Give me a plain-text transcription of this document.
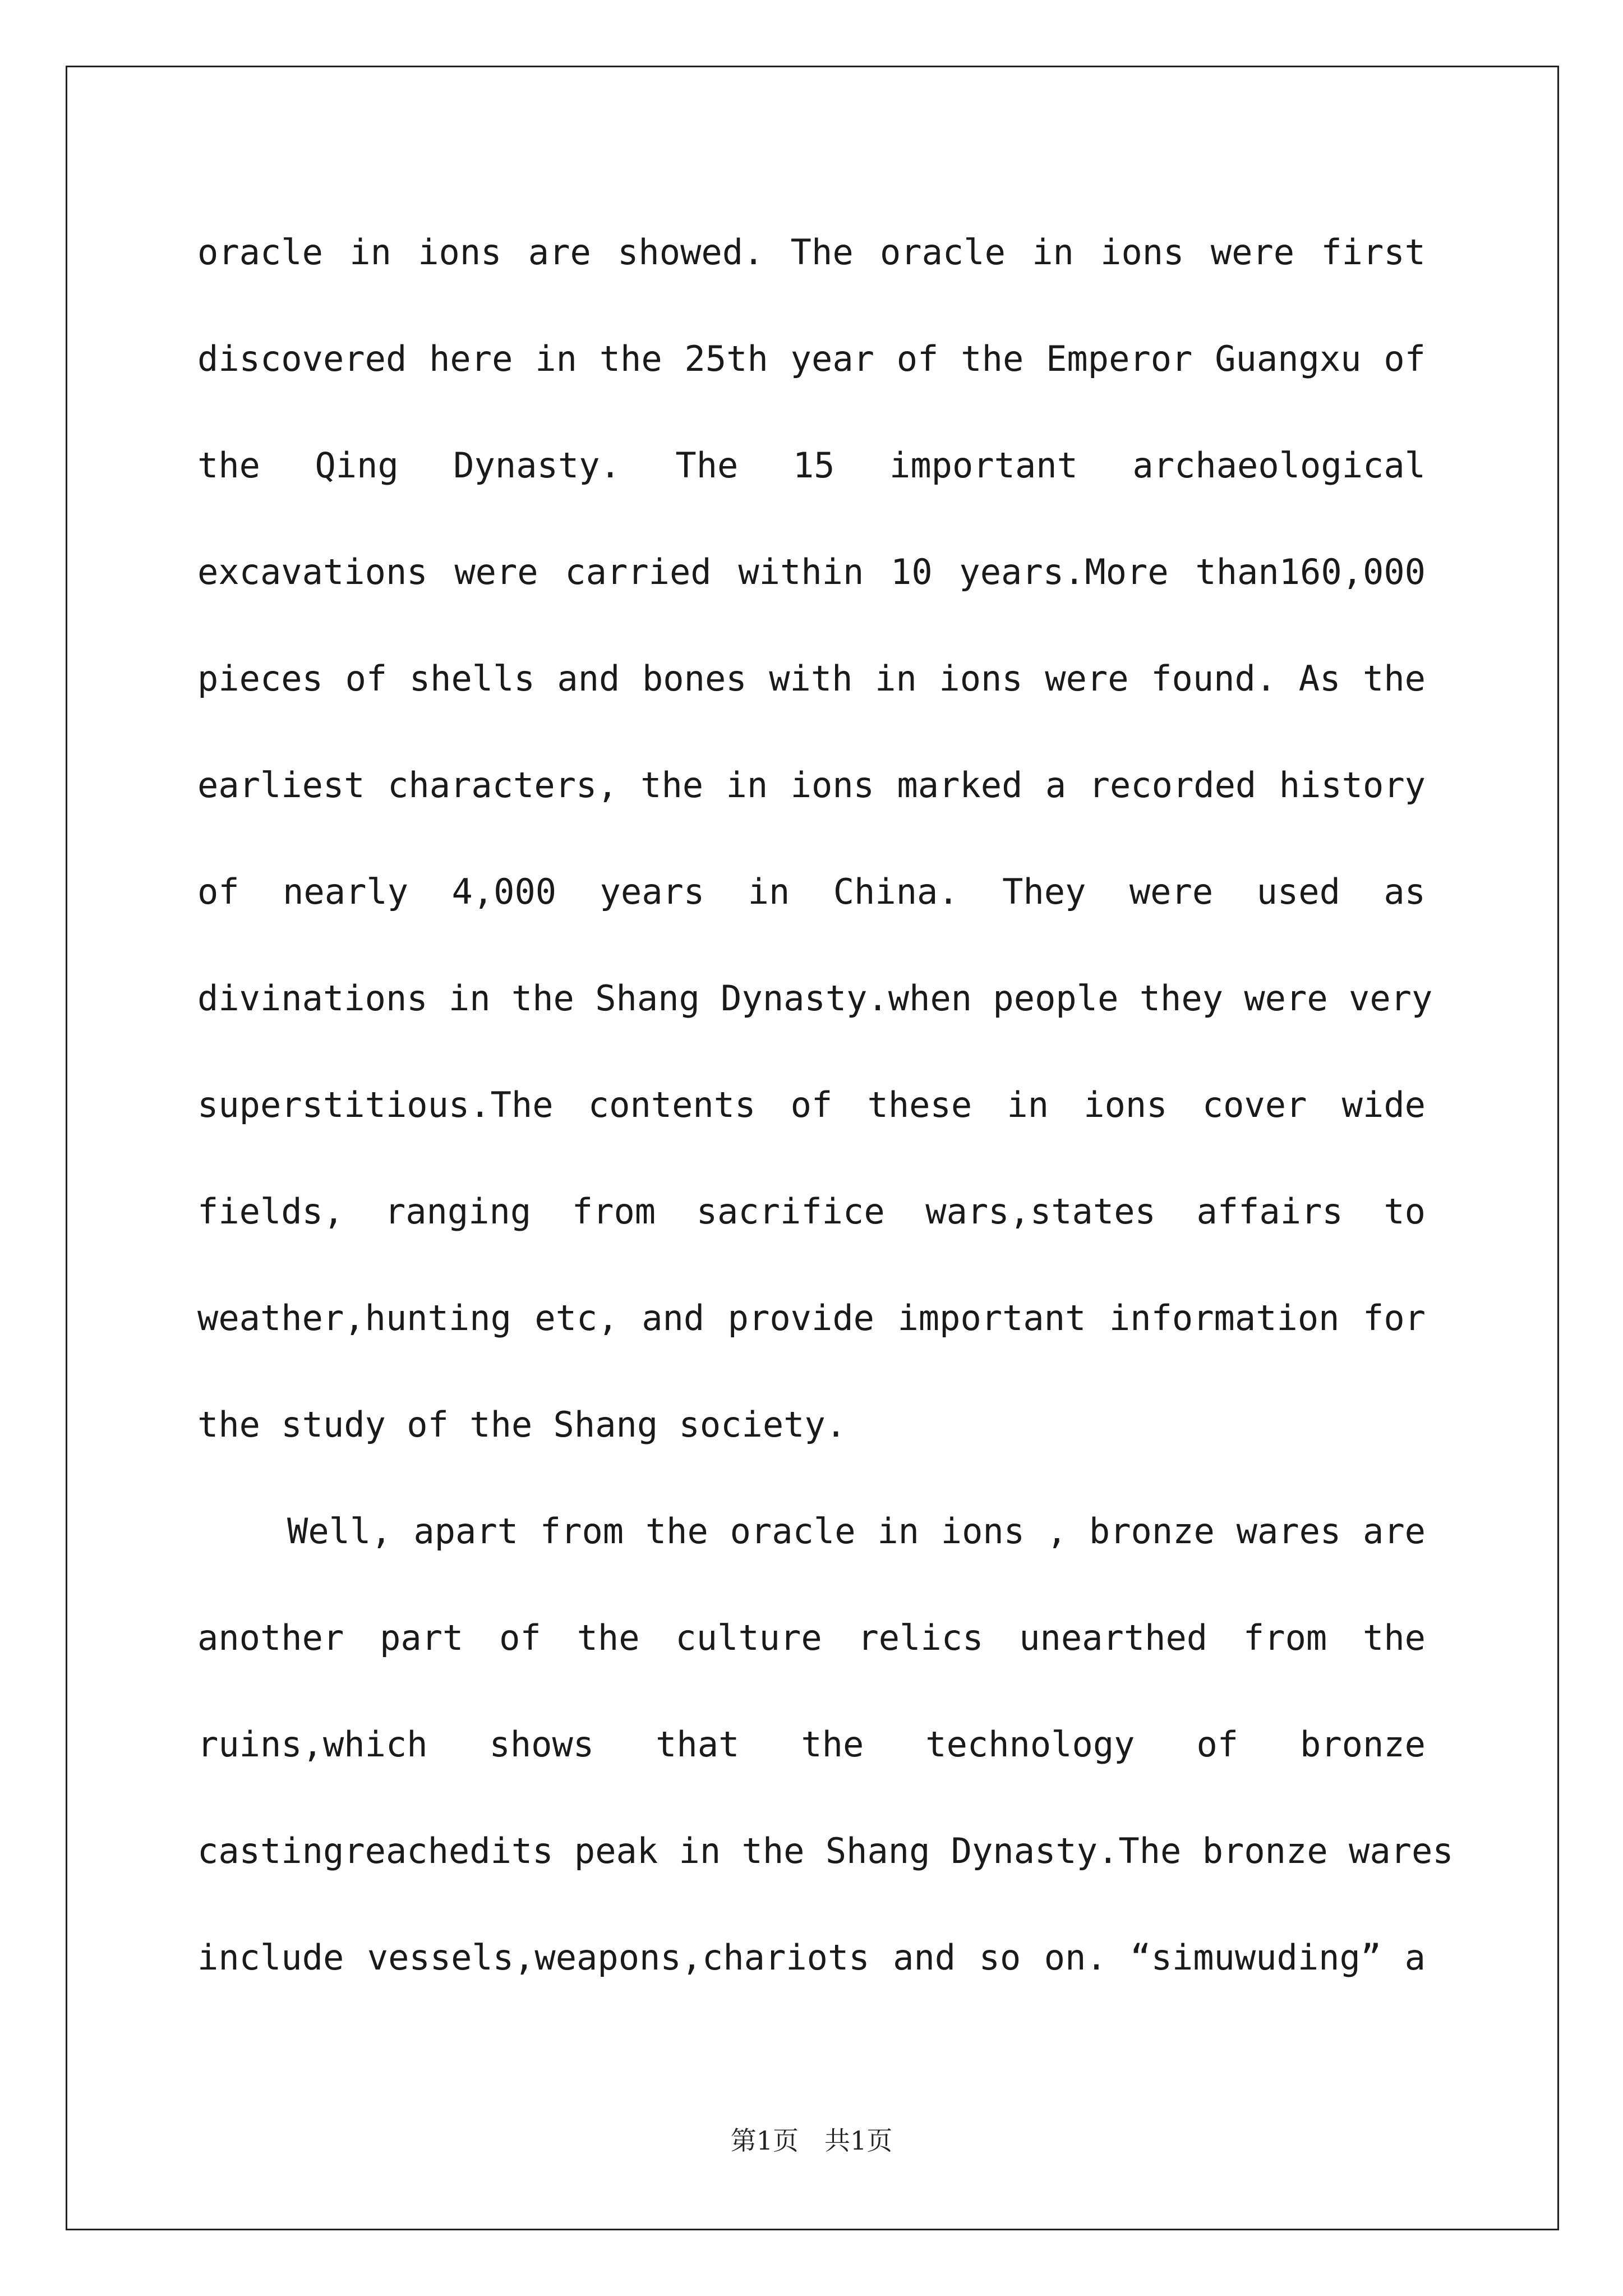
oracle in ions are showed. The oracle in ions were first
discovered here in the 25th year of the Emperor Guangxu of
the Qing Dynasty. The 15 important archaeological
excavations were carried within 10 years.More than160,000
pieces of shells and bones with in ions were found. As the
earliest characters, the in ions marked a recorded history
of nearly 4,000 years in China. They were used as
divinations in the Shang Dynasty.when people they were very
superstitious.The contents of these in ions cover wide
fields, ranging from sacrifice wars,states affairs to
weather,hunting etc, and provide important information for
the study of the Shang society.
Well, apart from the oracle in ions , bronze wares are
another part of the culture relics unearthed from the
ruins,which shows that the technology of bronze
castingreachedits peak in the Shang Dynasty.The bronze wares
include vessels,weapons,chariots and so on. “simuwuding” a
第1页　共1页
